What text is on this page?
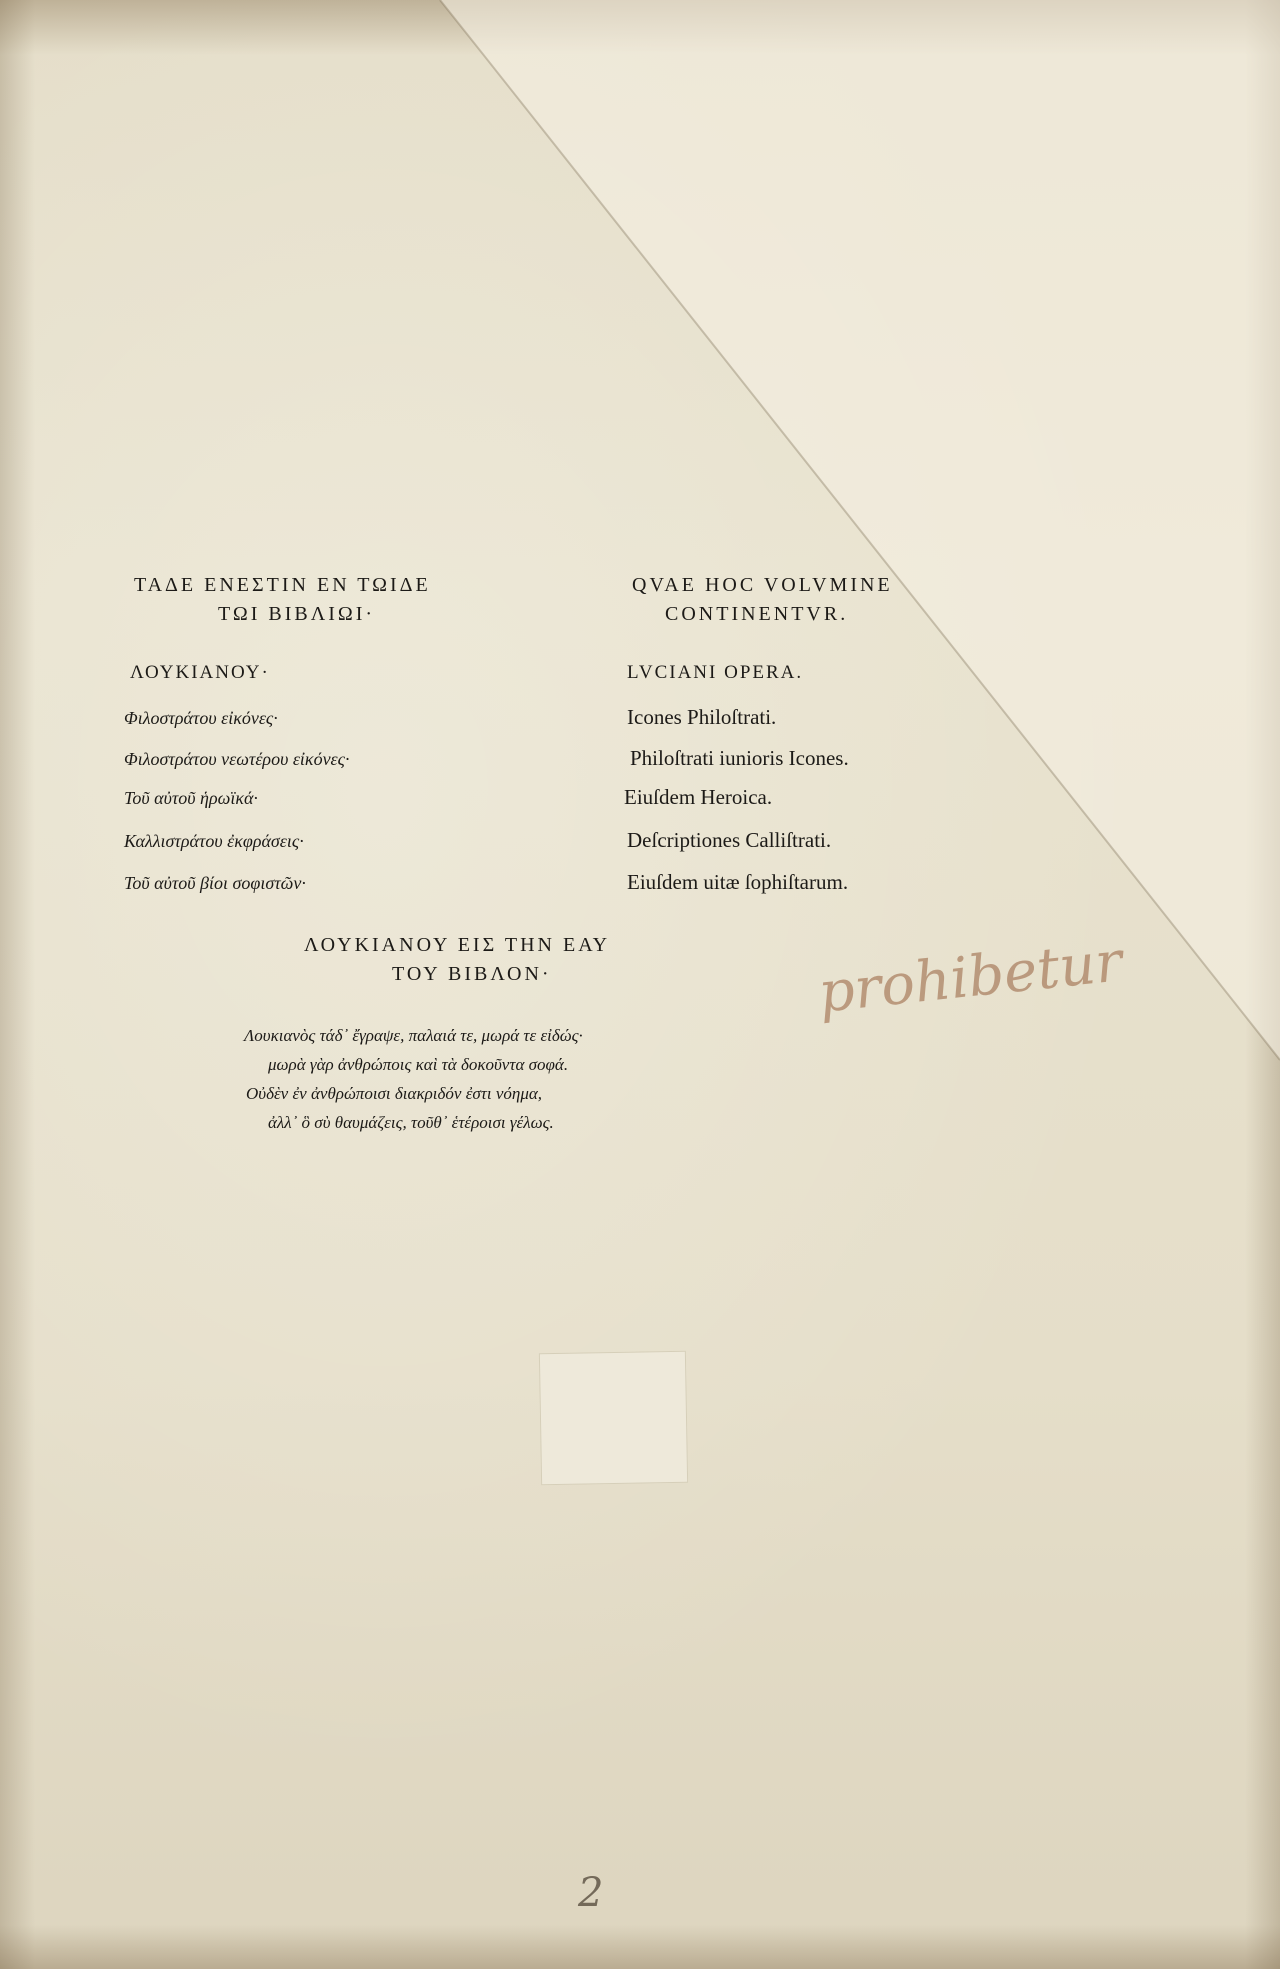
ΤΑΔΕ ΕΝΕΣΤΙΝ ΕΝ ΤΩΙΔΕ
ΤΩΙ ΒΙΒΛΙΩΙ·
QVAE HOC VOLVMINE
CONTINENTVR.
ΛΟΥΚΙΑΝΟΥ·
Φιλοστράτου εἰκόνες·
Φιλοστράτου νεωτέρου εἰκόνες·
Τοῦ αὐτοῦ ἡρωϊκά·
Καλλιστράτου ἐκφράσεις·
Τοῦ αὐτοῦ βίοι σοφιστῶν·
LVCIANI OPERA.
Icones Philoſtrati.
Philoſtrati iunioris Icones.
Eiuſdem Heroica.
Deſcriptiones Calliſtrati.
Eiuſdem uitæ ſophiſtarum.
ΛΟΥΚΙΑΝΟΥ ΕΙΣ ΤΗΝ ΕΑΥ
ΤΟΥ ΒΙΒΛΟΝ·
Λουκιανὸς τάδ᾽ ἔγραψε, παλαιά τε, μωρά τε εἰδώς·
μωρὰ γὰρ ἀνθρώποις καὶ τὰ δοκοῦντα σοφά.
Οὐδὲν ἐν ἀνθρώποισι διακριδόν ἐστι νόημα,
ἀλλ᾽ ὃ σὺ θαυμάζεις, τοῦθ᾽ ἑτέροισι γέλως.
prohibetur
2
